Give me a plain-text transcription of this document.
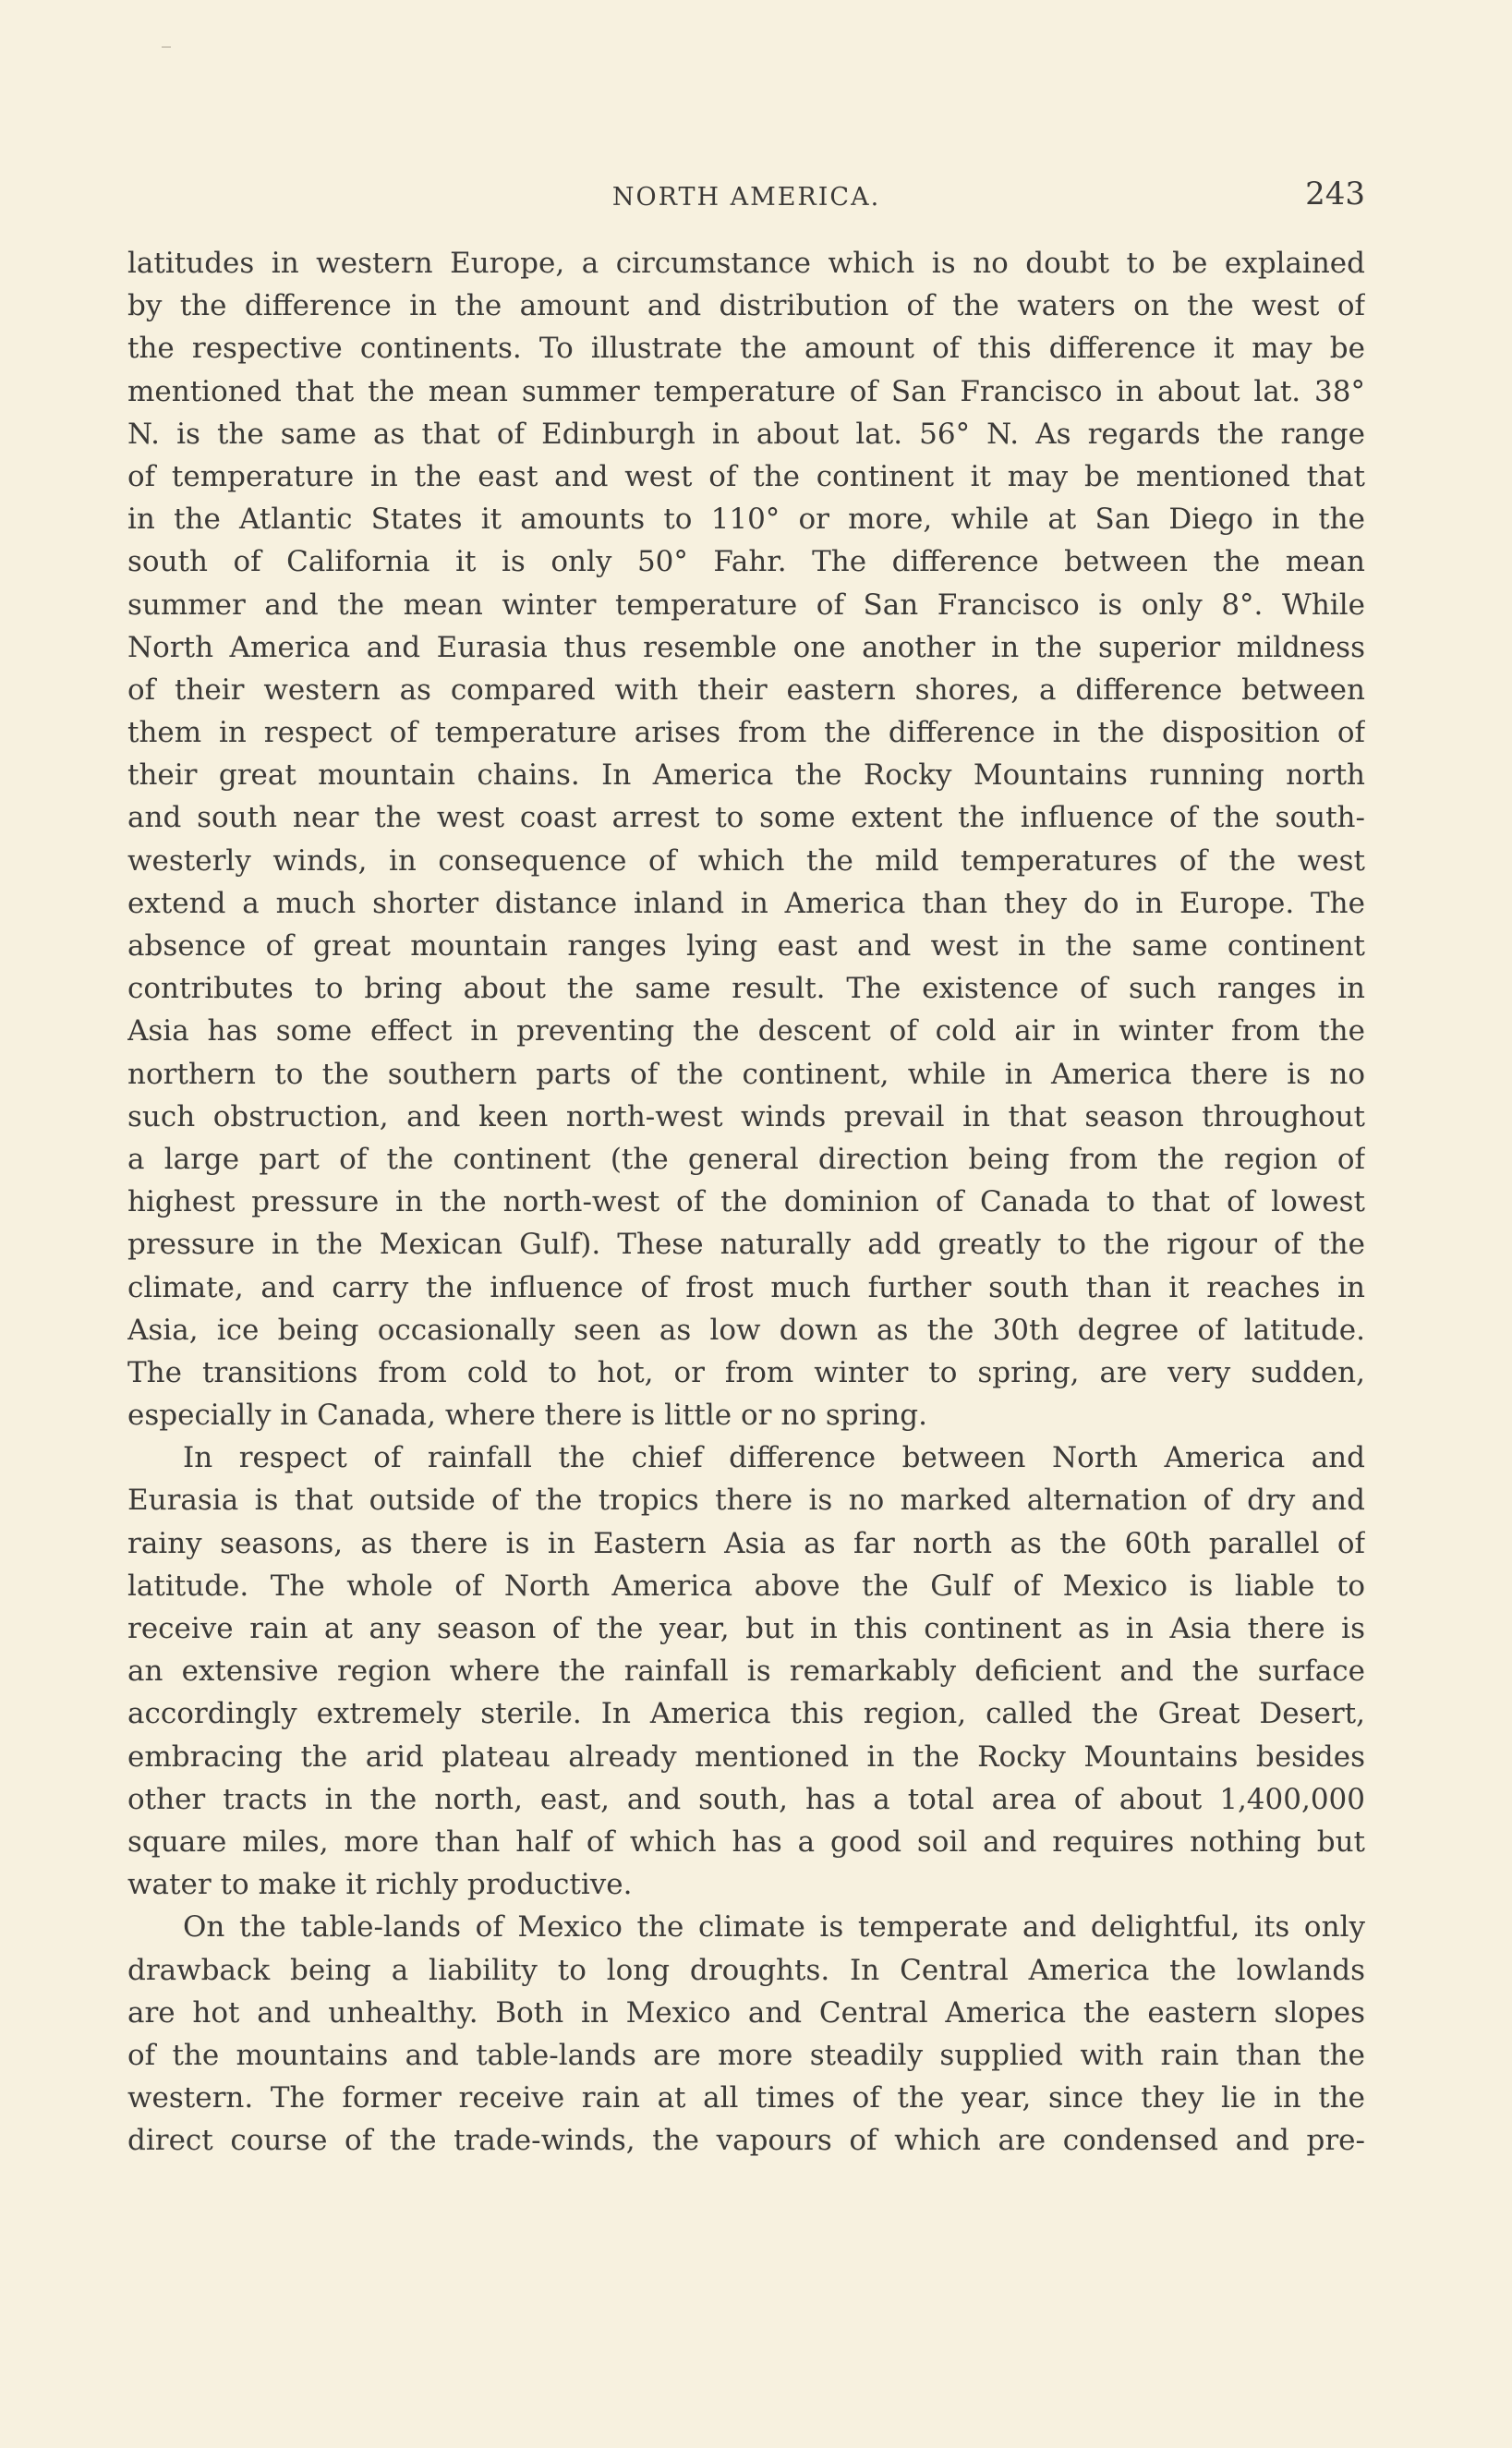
NORTH AMERICA.	243
latitudes in western Europe, a circumstance which is no doubt to be explained
by the difference in the amount and distribution of the waters on the west of
the respective continents. To illustrate the amount of this difference it may be
mentioned that the mean summer temperature of San Francisco in about lat. 38°
N. is the same as that of Edinburgh in about lat. 56° N. As regards the range
of temperature in the east and west of the continent it may be mentioned that
in the Atlantic States it amounts to 110° or more, while at San Diego in the
south of California it is only 50° Fahr. The difference between the mean
summer and the mean winter temperature of San Francisco is only 8°. While
North America and Eurasia thus resemble one another in the superior mildness
of their western as compared with their eastern shores, a difference between
them in respect of temperature arises from the difference in the disposition of
their great mountain chains. In America the Rocky Mountains running north
and south near the west coast arrest to some extent the influence of the south-
westerly winds, in consequence of which the mild temperatures of the west
extend a much shorter distance inland in America than they do in Europe. The
absence of great mountain ranges lying east and west in the same continent
contributes to bring about the same result. The existence of such ranges in
Asia has some effect in preventing the descent of cold air in winter from the
northern to the southern parts of the continent, while in America there is no
such obstruction, and keen north-west winds prevail in that season throughout
a large part of the continent (the general direction being from the region of
highest pressure in the north-west of the dominion of Canada to that of lowest
pressure in the Mexican Gulf). These naturally add greatly to the rigour of the
climate, and carry the influence of frost much further south than it reaches in
Asia, ice being occasionally seen as low down as the 30th degree of latitude.
The transitions from cold to hot, or from winter to spring, are very sudden,
especially in Canada, where there is little or no spring.
In respect of rainfall the chief difference between North America and
Eurasia is that outside of the tropics there is no marked alternation of dry and
rainy seasons, as there is in Eastern Asia as far north as the 60th parallel of
latitude. The whole of North America above the Gulf of Mexico is liable to
receive rain at any season of the year, but in this continent as in Asia there is
an extensive region where the rainfall is remarkably deficient and the surface
accordingly extremely sterile. In America this region, called the Great Desert,
embracing the arid plateau already mentioned in the Rocky Mountains besides
other tracts in the north, east, and south, has a total area of about 1,400,000
square miles, more than half of which has a good soil and requires nothing but
water to make it richly productive.
On the table-lands of Mexico the climate is temperate and delightful, its only
drawback being a liability to long droughts. In Central America the lowlands
are hot and unhealthy. Both in Mexico and Central America the eastern slopes
of the mountains and table-lands are more steadily supplied with rain than the
western. The former receive rain at all times of the year, since they lie in the
direct course of the trade-winds, the vapours of which are condensed and pre-
